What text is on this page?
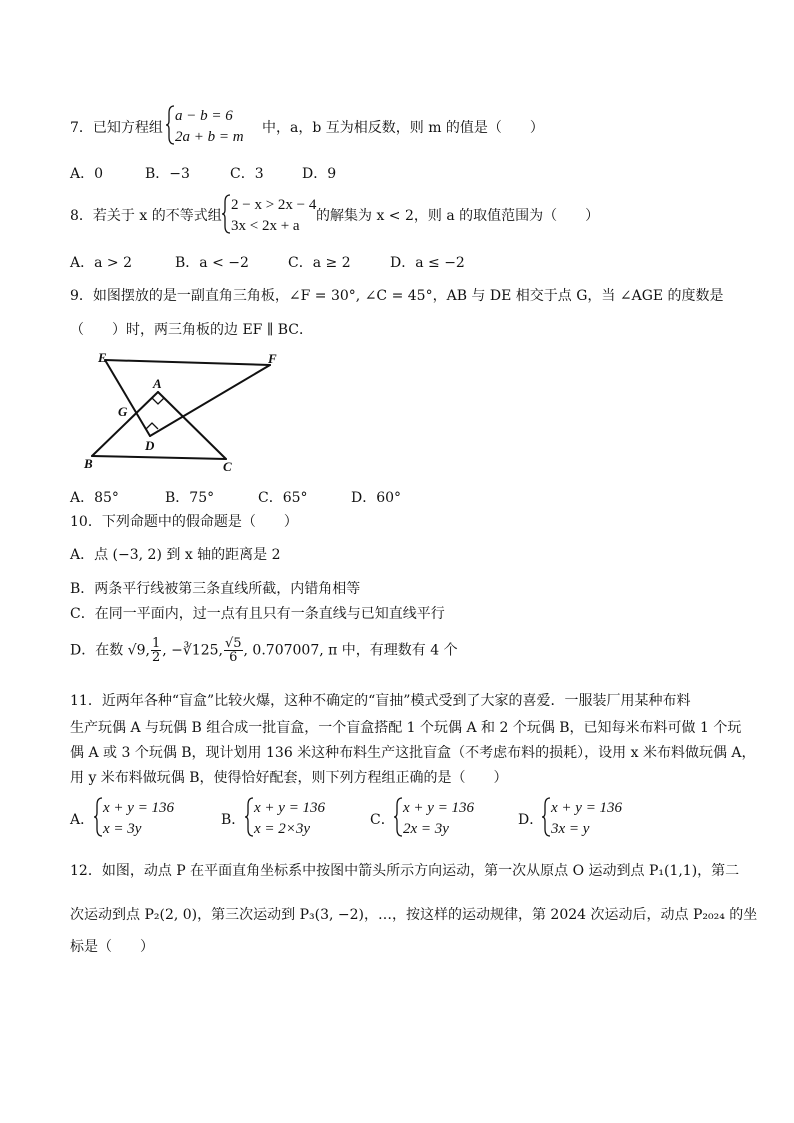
7．已知方程组
a − b = 6
2a + b = m
中，a，b 互为相反数，则 m 的值是（　　）
A．0	B．−3	C．3	D．9
8．若关于 x 的不等式组
2 − x > 2x − 4
3x < 2x + a
的解集为 x < 2，则 a 的取值范围为（　　）
A．a > 2	B．a < −2	C．a ≥ 2	D．a ≤ −2
9．如图摆放的是一副直角三角板，∠F = 30°, ∠C = 45°，AB 与 DE 相交于点 G，当 ∠AGE 的度数是
（　　）时，两三角板的边 EF ∥ BC．
E	F
A
G
D
B	C
A．85°	B．75°	C．65°	D．60°
10．下列命题中的假命题是（　　）
A．点 (−3, 2) 到 x 轴的距离是 2
B．两条平行线被第三条直线所截，内错角相等
C．在同一平面内，过一点有且只有一条直线与已知直线平行
D．在数 √9, $\frac{1}{2}$ , −∛125, $\frac{√5}{6}$ , 0.707007, π 中，有理数有 4 个
11．近两年各种“盲盒”比较火爆，这种不确定的“盲抽”模式受到了大家的喜爱．一服装厂用某种布料
生产玩偶 A 与玩偶 B 组合成一批盲盒，一个盲盒搭配 1 个玩偶 A 和 2 个玩偶 B，已知每米布料可做 1 个玩
偶 A 或 3 个玩偶 B，现计划用 136 米这种布料生产这批盲盒（不考虑布料的损耗），设用 x 米布料做玩偶 A，
用 y 米布料做玩偶 B，使得恰好配套，则下列方程组正确的是（　　）
A．
x + y = 136
x = 3y
B．
x + y = 136
x = 2×3y
C．
x + y = 136
2x = 3y
D．
x + y = 136
3x = y
12．如图，动点 P 在平面直角坐标系中按图中箭头所示方向运动，第一次从原点 O 运动到点 P₁(1,1)，第二
次运动到点 P₂(2, 0)，第三次运动到 P₃(3, −2)，…，按这样的运动规律，第 2024 次运动后，动点 P₂₀₂₄ 的坐
标是（　　）
